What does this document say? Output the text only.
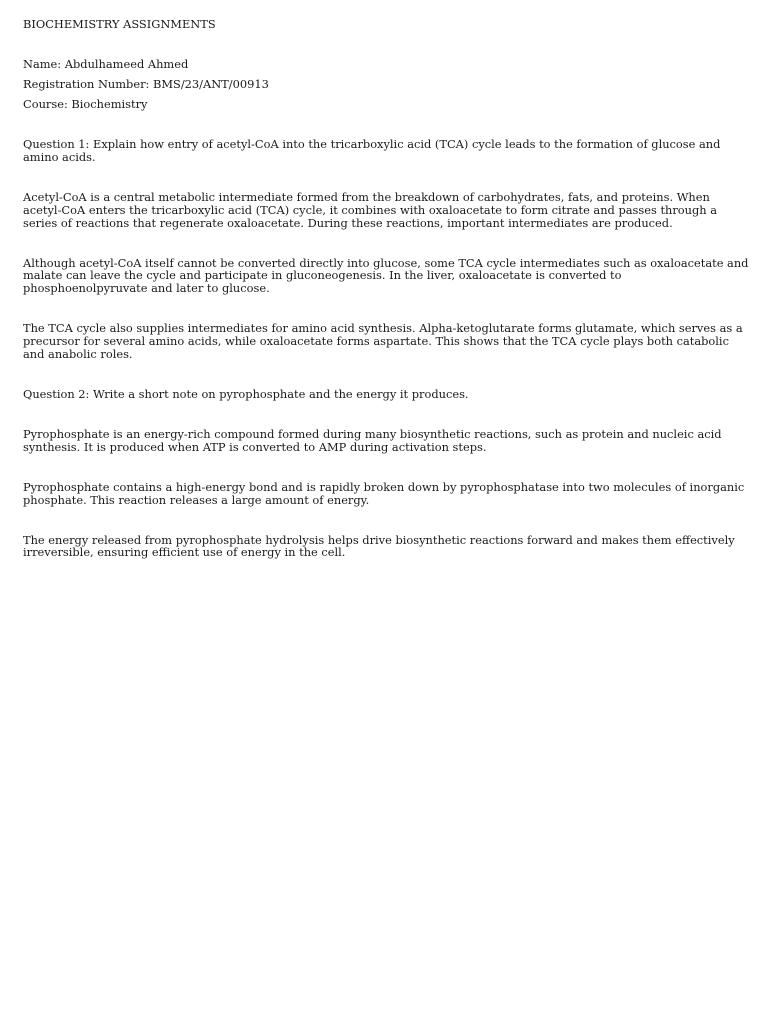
BIOCHEMISTRY ASSIGNMENTS

Name: Abdulhameed Ahmed

Registration Number: BMS/23/ANT/00913

Course: Biochemistry

Question 1: Explain how entry of acetyl-CoA into the tricarboxylic acid (TCA) cycle leads to the formation of glucose and amino acids.

Acetyl-CoA is a central metabolic intermediate formed from the breakdown of carbohydrates, fats, and proteins. When acetyl-CoA enters the tricarboxylic acid (TCA) cycle, it combines with oxaloacetate to form citrate and passes through a series of reactions that regenerate oxaloacetate. During these reactions, important intermediates are produced.

Although acetyl-CoA itself cannot be converted directly into glucose, some TCA cycle intermediates such as oxaloacetate and malate can leave the cycle and participate in gluconeogenesis. In the liver, oxaloacetate is converted to phosphoenolpyruvate and later to glucose.

The TCA cycle also supplies intermediates for amino acid synthesis. Alpha-ketoglutarate forms glutamate, which serves as a precursor for several amino acids, while oxaloacetate forms aspartate. This shows that the TCA cycle plays both catabolic and anabolic roles.

Question 2: Write a short note on pyrophosphate and the energy it produces.

Pyrophosphate is an energy-rich compound formed during many biosynthetic reactions, such as protein and nucleic acid synthesis. It is produced when ATP is converted to AMP during activation steps.

Pyrophosphate contains a high-energy bond and is rapidly broken down by pyrophosphatase into two molecules of inorganic phosphate. This reaction releases a large amount of energy.

The energy released from pyrophosphate hydrolysis helps drive biosynthetic reactions forward and makes them effectively irreversible, ensuring efficient use of energy in the cell.
